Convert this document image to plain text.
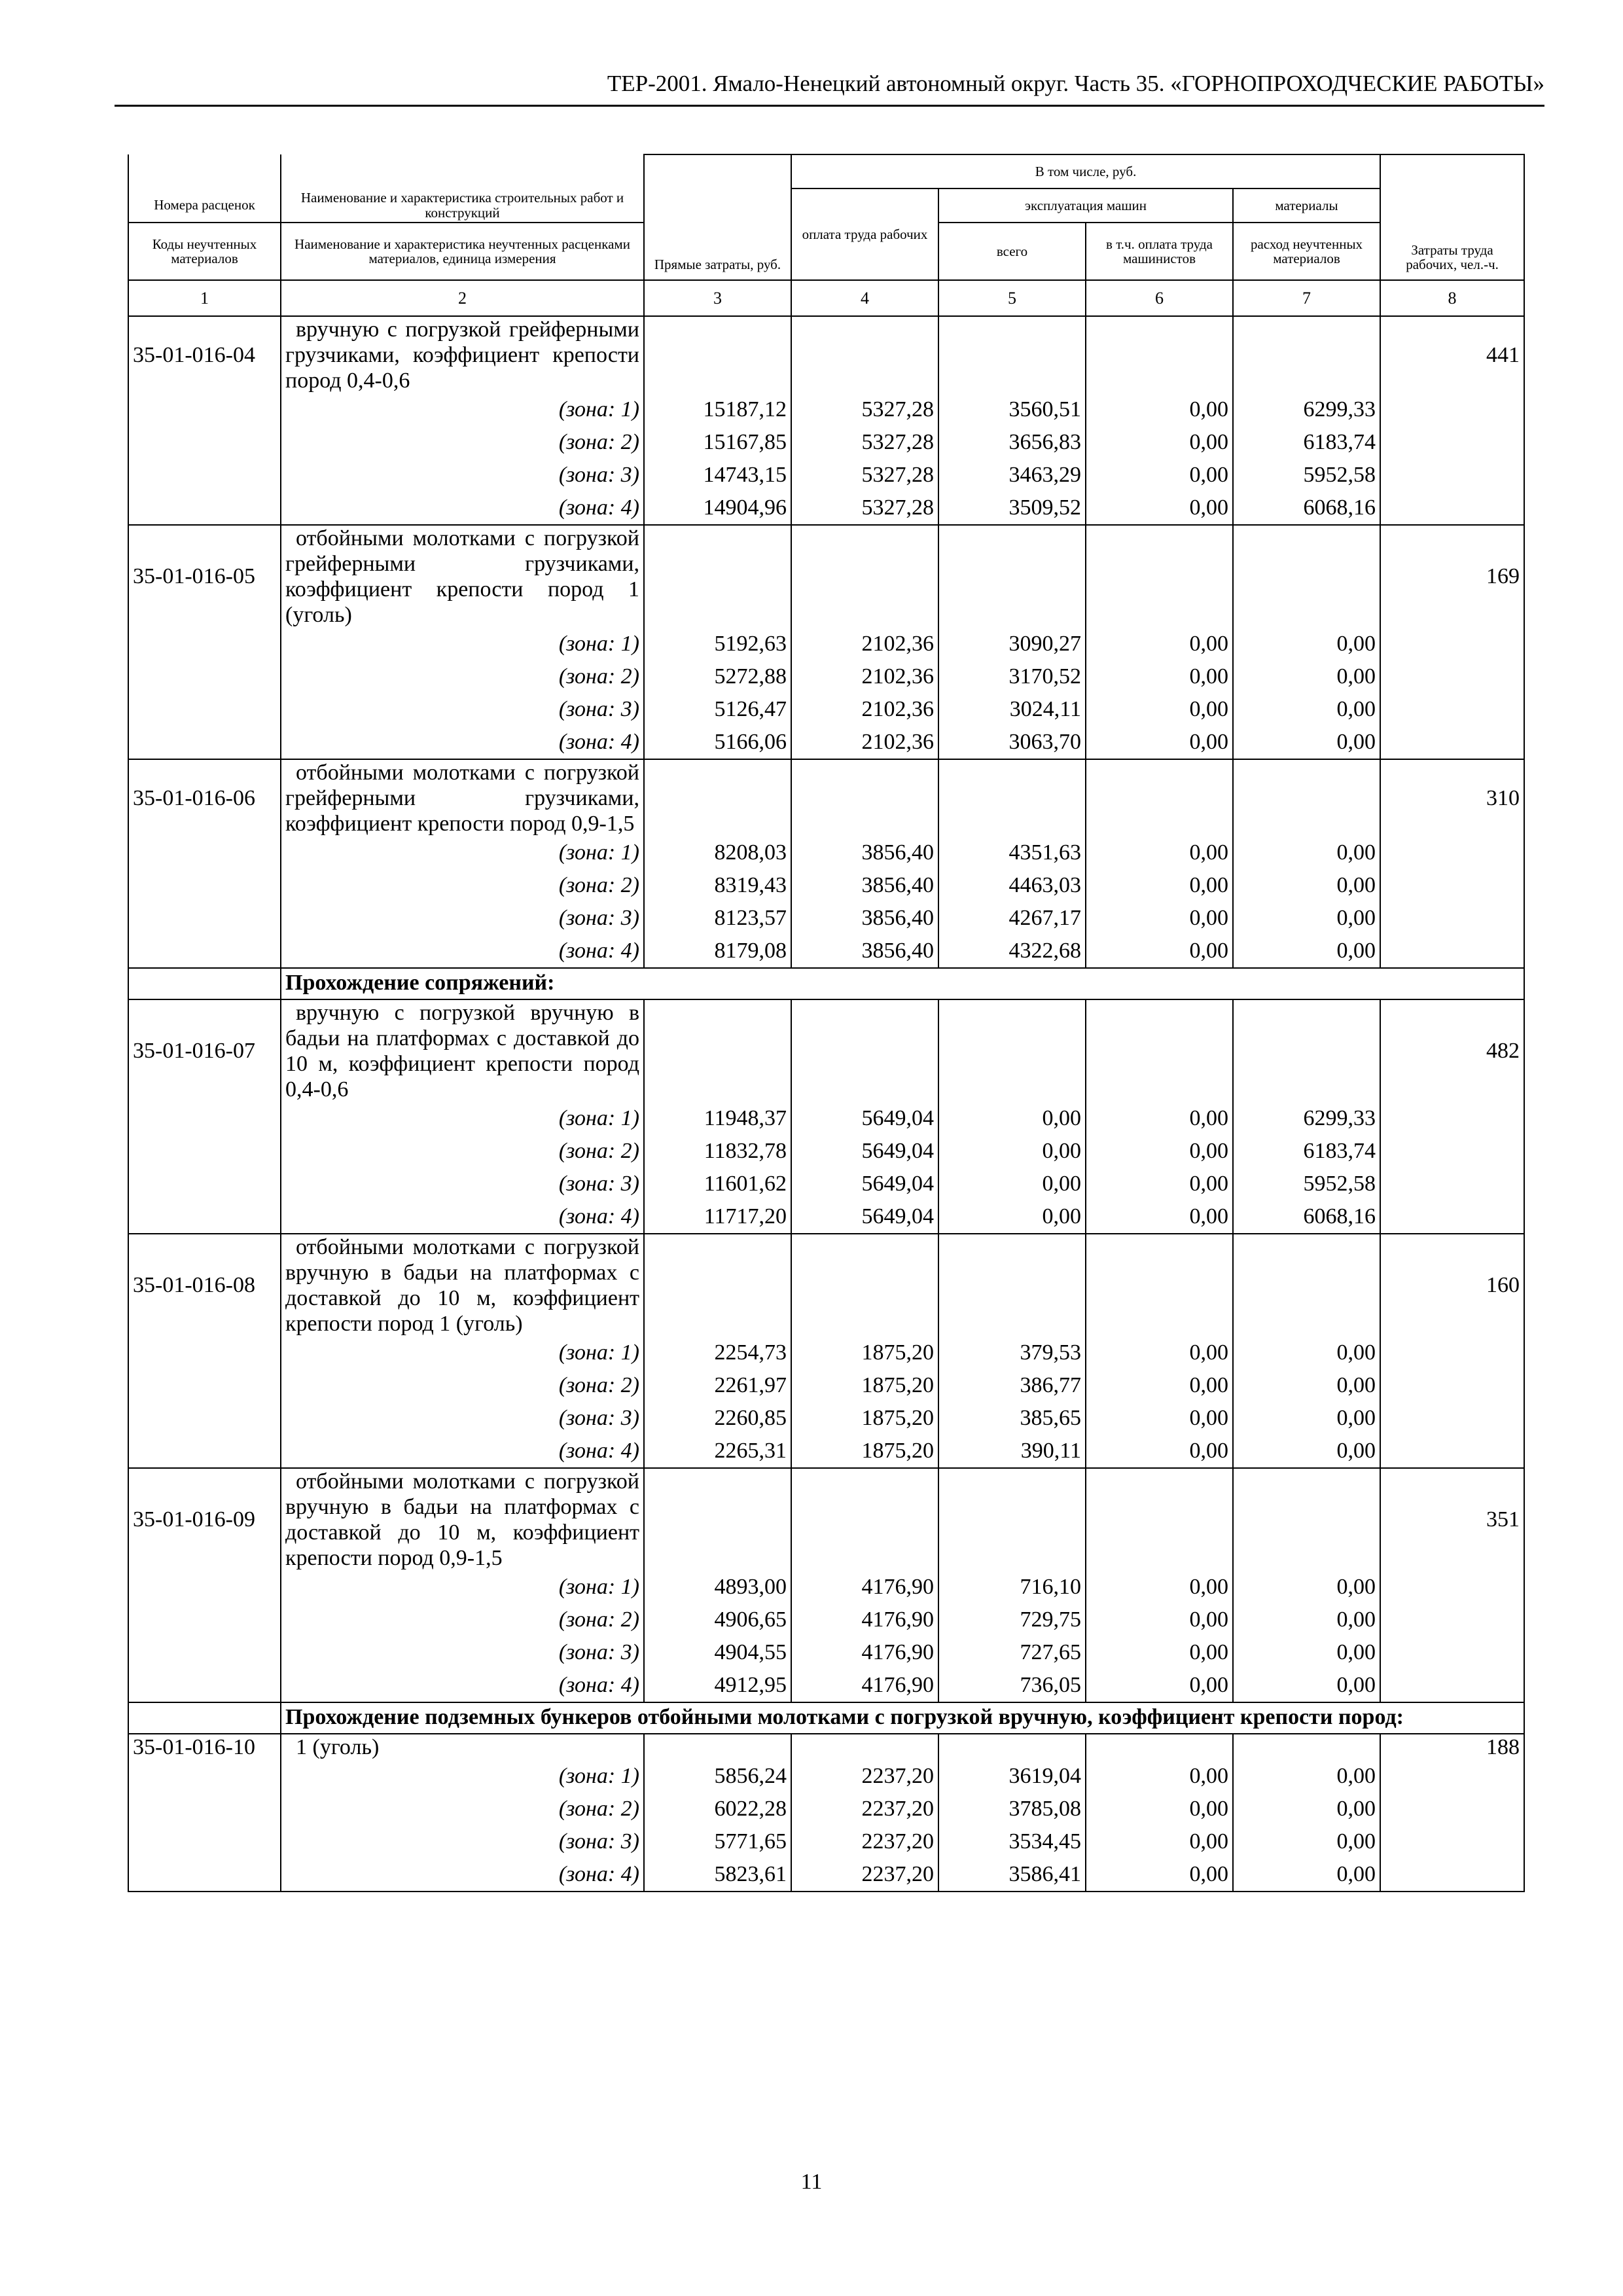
ТЕР-2001. Ямало-Ненецкий автономный округ. Часть 35. «ГОРНОПРОХОДЧЕСКИЕ РАБОТЫ»
		Прямые затраты, руб.	В том числе, руб.				Затраты труда рабочих, чел.-ч.
Номера расценок	Наименование и характеристика строительных работ и конструкций		оплата труда рабочих	эксплуатация машин		материалы	
Коды неучтенных материалов	Наименование и характеристика неучтенных расценками материалов, единица измерения			всего	в т.ч. оплата труда машинистов	расход неучтенных материалов	
1	2	3	4	5	6	7	8
35-01-016-04	вручную с погрузкой грейферными грузчиками, коэффициент крепости пород 0,4-0,6						441
	(зона: 1)	15187,12	5327,28	3560,51	0,00	6299,33	
	(зона: 2)	15167,85	5327,28	3656,83	0,00	6183,74	
	(зона: 3)	14743,15	5327,28	3463,29	0,00	5952,58	
	(зона: 4)	14904,96	5327,28	3509,52	0,00	6068,16	
35-01-016-05	отбойными молотками с погрузкой грейферными грузчиками, коэффициент крепости пород 1 (уголь)						169
	(зона: 1)	5192,63	2102,36	3090,27	0,00	0,00	
	(зона: 2)	5272,88	2102,36	3170,52	0,00	0,00	
	(зона: 3)	5126,47	2102,36	3024,11	0,00	0,00	
	(зона: 4)	5166,06	2102,36	3063,70	0,00	0,00	
35-01-016-06	отбойными молотками с погрузкой грейферными грузчиками, коэффициент крепости пород 0,9-1,5						310
	(зона: 1)	8208,03	3856,40	4351,63	0,00	0,00	
	(зона: 2)	8319,43	3856,40	4463,03	0,00	0,00	
	(зона: 3)	8123,57	3856,40	4267,17	0,00	0,00	
	(зона: 4)	8179,08	3856,40	4322,68	0,00	0,00	
	Прохождение сопряжений:						
35-01-016-07	вручную с погрузкой вручную в бадьи на платформах с доставкой до 10 м, коэффициент крепости пород 0,4-0,6						482
	(зона: 1)	11948,37	5649,04	0,00	0,00	6299,33	
	(зона: 2)	11832,78	5649,04	0,00	0,00	6183,74	
	(зона: 3)	11601,62	5649,04	0,00	0,00	5952,58	
	(зона: 4)	11717,20	5649,04	0,00	0,00	6068,16	
35-01-016-08	отбойными молотками с погрузкой вручную в бадьи на платформах с доставкой до 10 м, коэффициент крепости пород 1 (уголь)						160
	(зона: 1)	2254,73	1875,20	379,53	0,00	0,00	
	(зона: 2)	2261,97	1875,20	386,77	0,00	0,00	
	(зона: 3)	2260,85	1875,20	385,65	0,00	0,00	
	(зона: 4)	2265,31	1875,20	390,11	0,00	0,00	
35-01-016-09	отбойными молотками с погрузкой вручную в бадьи на платформах с доставкой до 10 м, коэффициент крепости пород 0,9-1,5						351
	(зона: 1)	4893,00	4176,90	716,10	0,00	0,00	
	(зона: 2)	4906,65	4176,90	729,75	0,00	0,00	
	(зона: 3)	4904,55	4176,90	727,65	0,00	0,00	
	(зона: 4)	4912,95	4176,90	736,05	0,00	0,00	
	Прохождение подземных бункеров отбойными молотками с погрузкой вручную, коэффициент крепости пород:						
35-01-016-10	1 (уголь)						188
	(зона: 1)	5856,24	2237,20	3619,04	0,00	0,00	
	(зона: 2)	6022,28	2237,20	3785,08	0,00	0,00	
	(зона: 3)	5771,65	2237,20	3534,45	0,00	0,00	
	(зона: 4)	5823,61	2237,20	3586,41	0,00	0,00	
11
